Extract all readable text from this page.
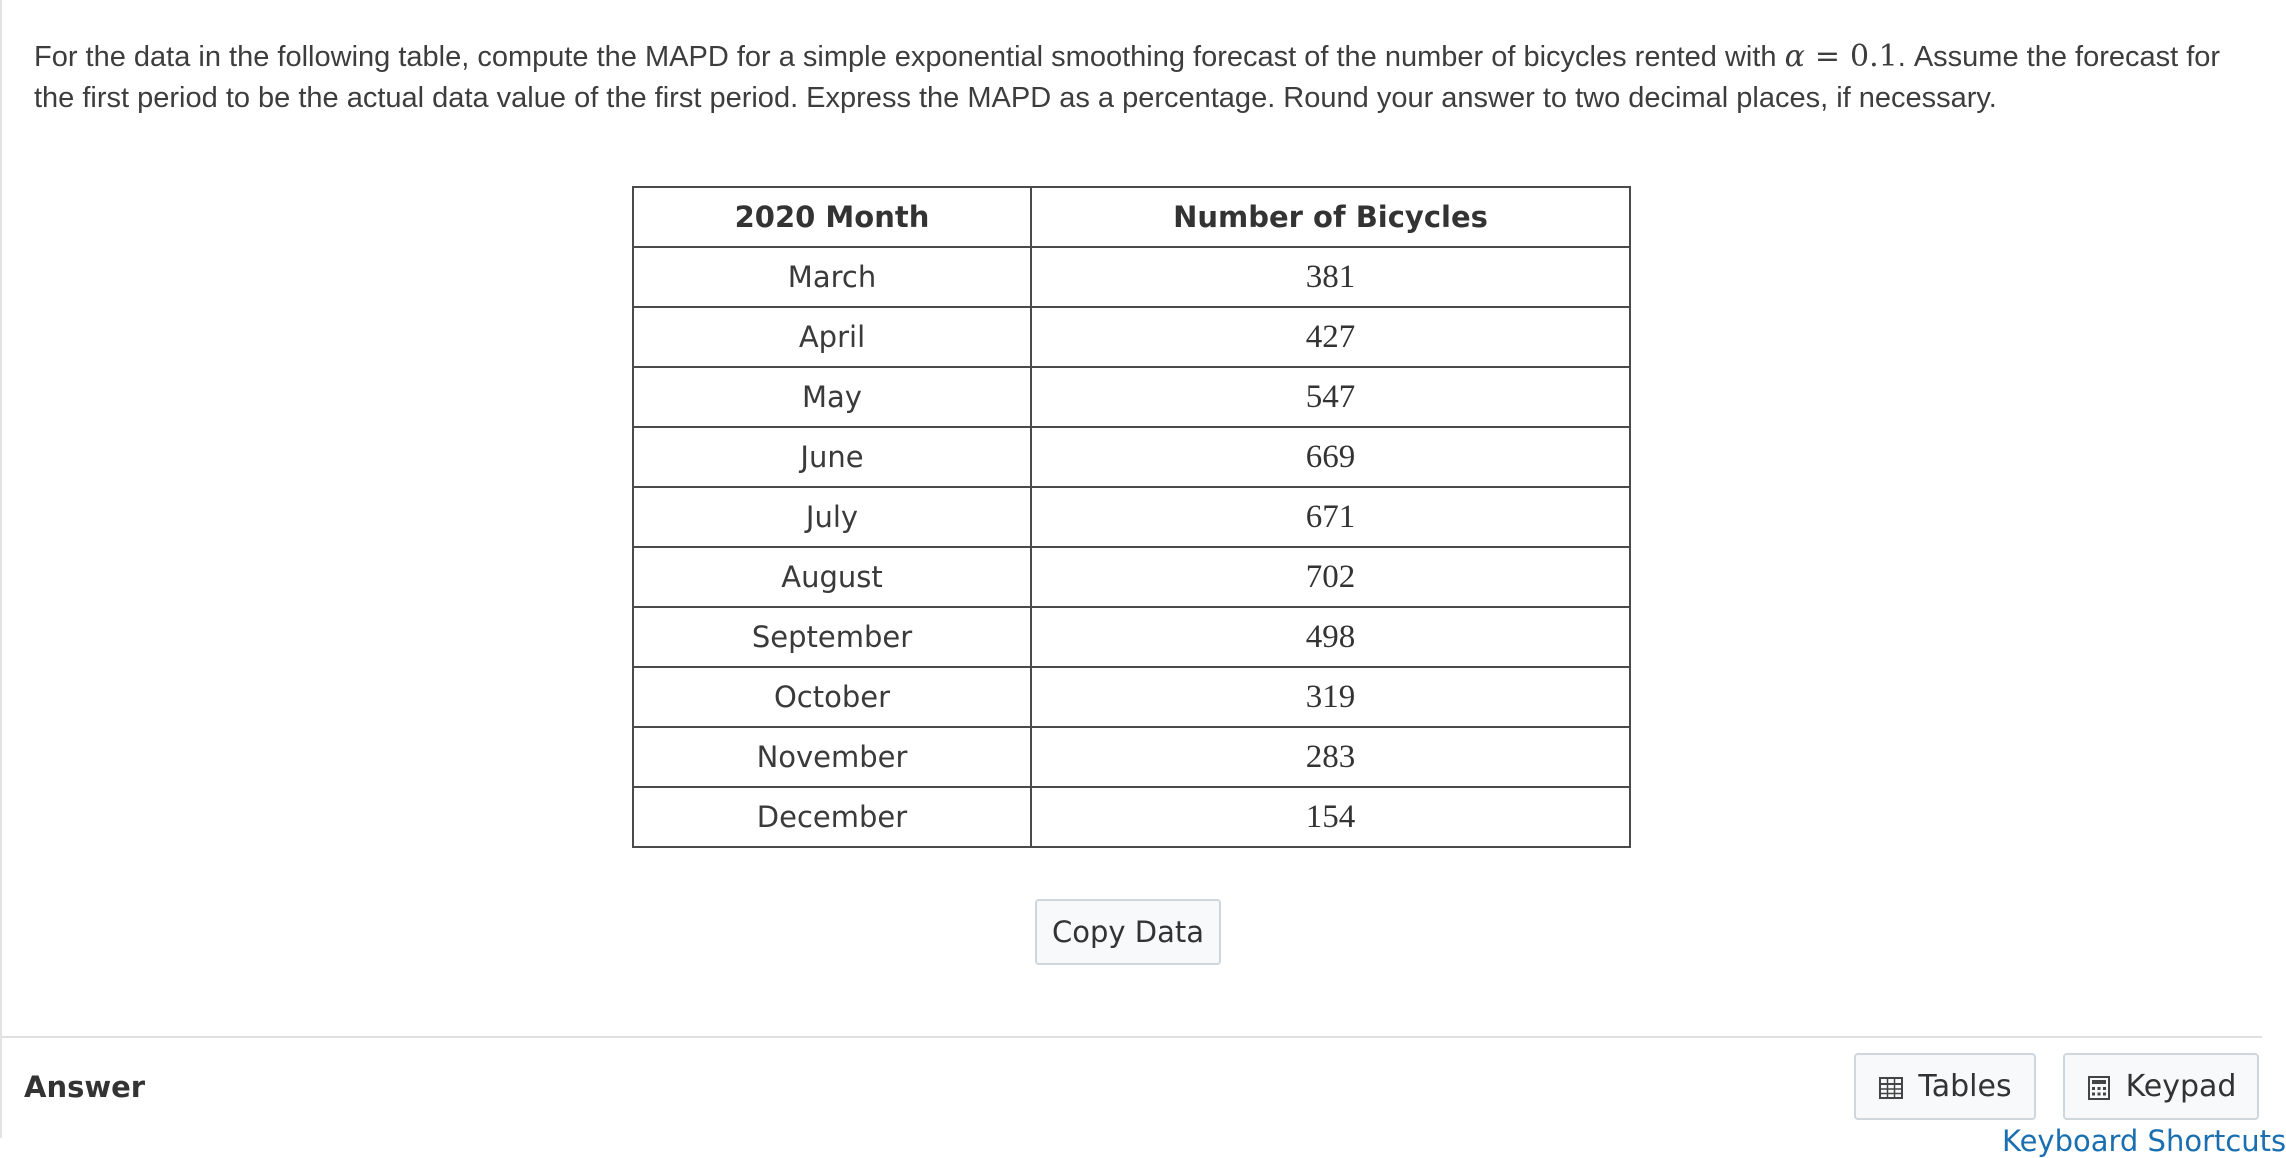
For the data in the following table, compute the MAPD for a simple exponential smoothing forecast of the number of bicycles rented with α = 0.1. Assume the forecast for the first period to be the actual data value of the first period. Express the MAPD as a percentage. Round your answer to two decimal places, if necessary.
2020 Month	Number of Bicycles
March	381
April	427
May	547
June	669
July	671
August	702
September	498
October	319
November	283
December	154
Copy Data
Answer	Tables	Keypad
Keyboard Shortcuts
